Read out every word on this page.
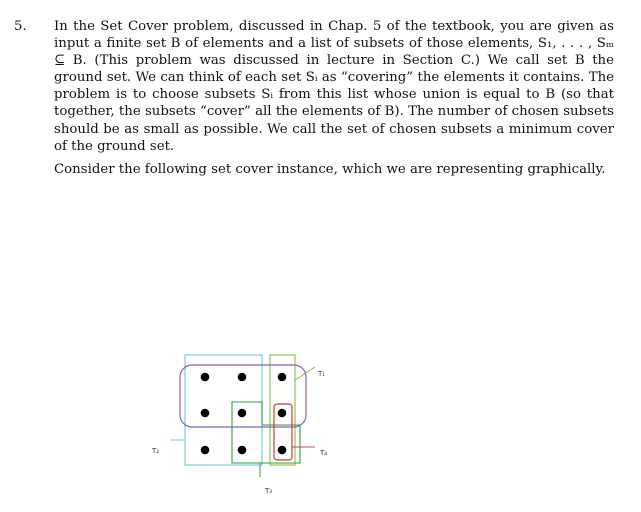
5. In the Set Cover problem, discussed in Chap. 5 of the textbook, you are given as input a finite set B of elements and a list of subsets of those elements, S₁, . . . , Sₘ ⊆ B. (This problem was discussed in lecture in Section C.) We call set B the ground set. We can think of each set Sᵢ as “covering” the elements it contains. The problem is to choose subsets Sᵢ from this list whose union is equal to B (so that together, the subsets “cover” all the elements of B). The number of chosen subsets should be as small as possible. We call the set of chosen subsets a minimum cover of the ground set.

Consider the following set cover instance, which we are representing graphically.

T₁
T₂
T₃
T₄
